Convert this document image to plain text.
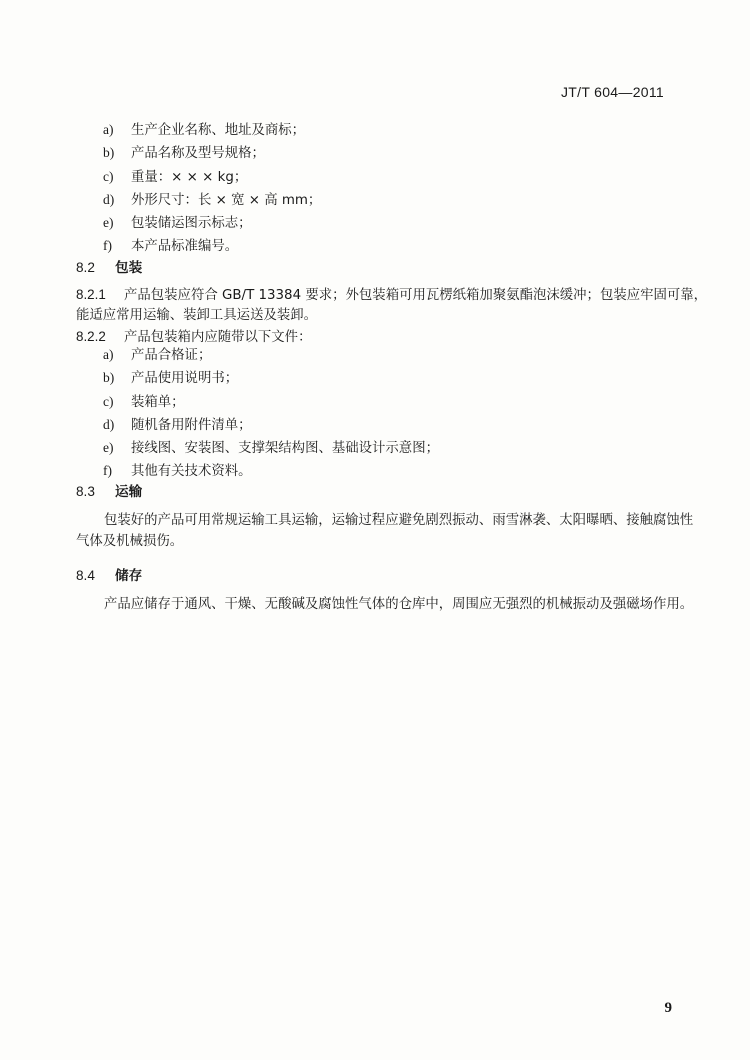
JT/T 604—2011
a) 生产企业名称、地址及商标；
b) 产品名称及型号规格；
c) 重量：× × × kg；
d) 外形尺寸：长 × 宽 × 高 mm；
e) 包装储运图示标志；
f) 本产品标准编号。
8.2 包装
8.2.1 产品包装应符合 GB/T 13384 要求；外包装箱可用瓦楞纸箱加聚氨酯泡沫缓冲；包装应牢固可靠，
能适应常用运输、装卸工具运送及装卸。
8.2.2 产品包装箱内应随带以下文件：
a) 产品合格证；
b) 产品使用说明书；
c) 装箱单；
d) 随机备用附件清单；
e) 接线图、安装图、支撑架结构图、基础设计示意图；
f) 其他有关技术资料。
8.3 运输
包装好的产品可用常规运输工具运输，运输过程应避免剧烈振动、雨雪淋袭、太阳曝晒、接触腐蚀性
气体及机械损伤。
8.4 储存
产品应储存于通风、干燥、无酸碱及腐蚀性气体的仓库中，周围应无强烈的机械振动及强磁场作用。
9
